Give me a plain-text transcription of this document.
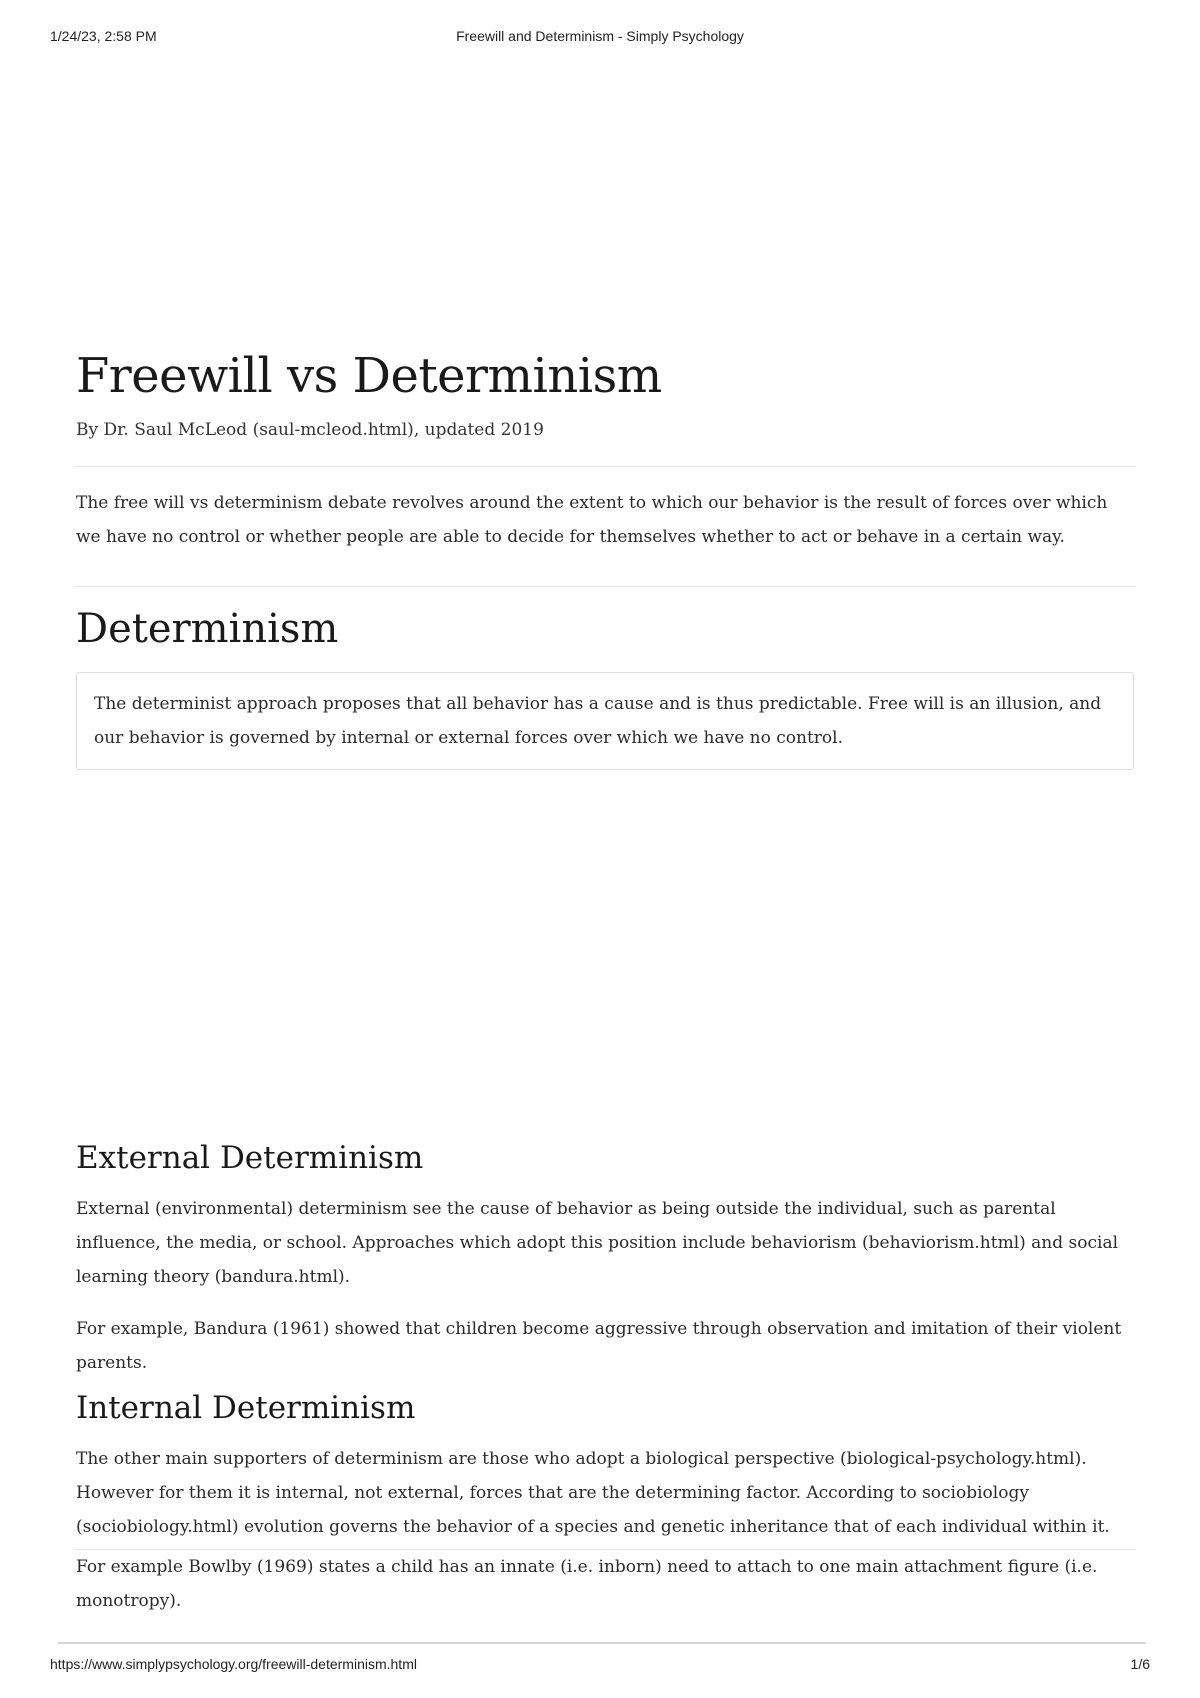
1/24/23, 2:58 PM	Freewill and Determinism - Simply Psychology
Freewill vs Determinism
By Dr. Saul McLeod (saul-mcleod.html), updated 2019

The free will vs determinism debate revolves around the extent to which our behavior is the result of forces over which we have no control or whether people are able to decide for themselves whether to act or behave in a certain way.

Determinism
The determinist approach proposes that all behavior has a cause and is thus predictable. Free will is an illusion, and our behavior is governed by internal or external forces over which we have no control.
External Determinism

External (environmental) determinism see the cause of behavior as being outside the individual, such as parental influence, the media, or school. Approaches which adopt this position include behaviorism (behaviorism.html) and social learning theory (bandura.html).

For example, Bandura (1961) showed that children become aggressive through observation and imitation of their violent parents.

Internal Determinism

The other main supporters of determinism are those who adopt a biological perspective (biological-psychology.html). However for them it is internal, not external, forces that are the determining factor. According to sociobiology (sociobiology.html) evolution governs the behavior of a species and genetic inheritance that of each individual within it.

For example Bowlby (1969) states a child has an innate (i.e. inborn) need to attach to one main attachment figure (i.e. monotropy).

https://www.simplypsychology.org/freewill-determinism.html	1/6
